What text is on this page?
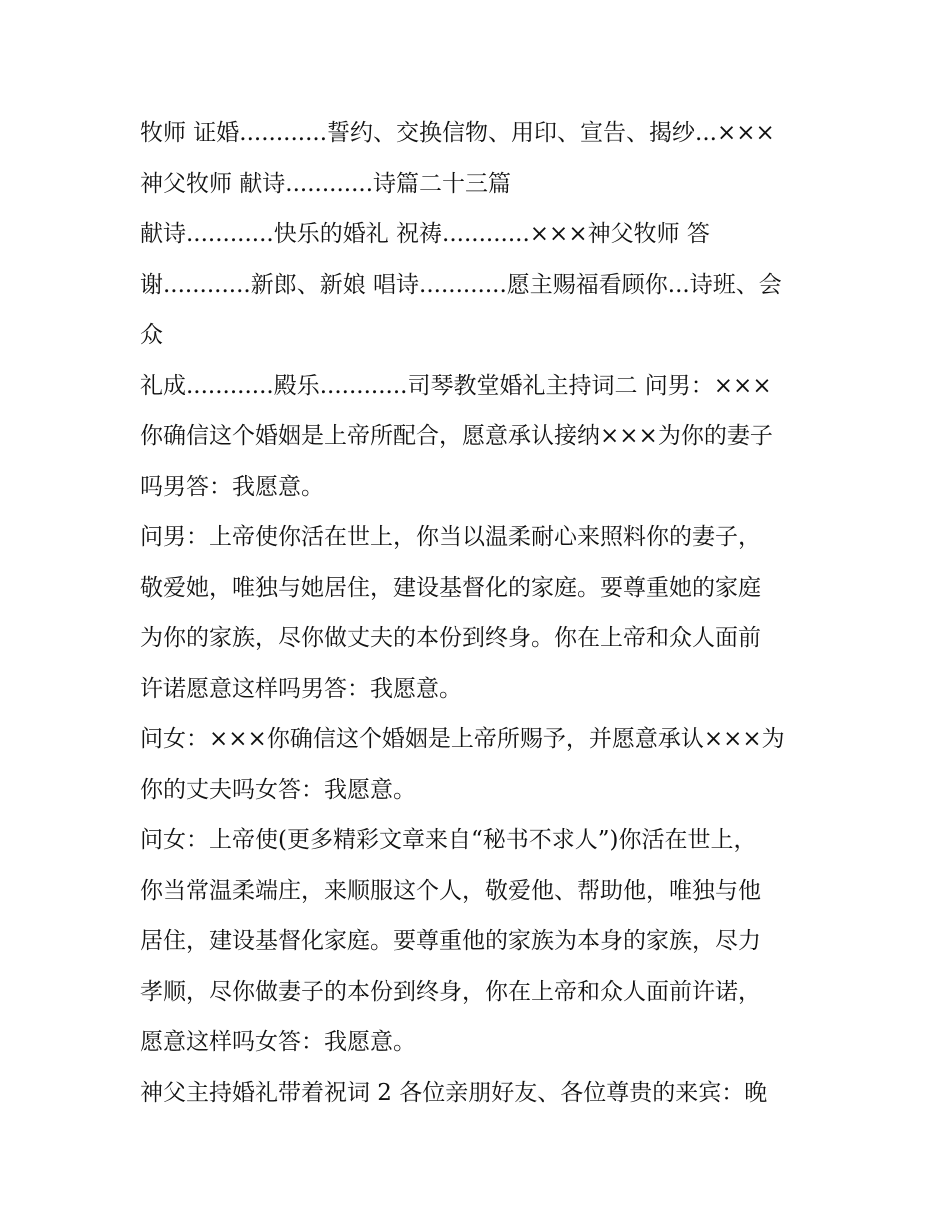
牧师 证婚............誓约、交换信物、用印、宣告、揭纱...×××
神父牧师 献诗............诗篇二十三篇
献诗............快乐的婚礼 祝祷............×××神父牧师 答
谢............新郎、新娘 唱诗............愿主赐福看顾你...诗班、会
众
礼成............殿乐............司琴教堂婚礼主持词二 问男：×××
你确信这个婚姻是上帝所配合，愿意承认接纳×××为你的妻子
吗男答：我愿意。
问男：上帝使你活在世上，你当以温柔耐心来照料你的妻子，
敬爱她，唯独与她居住，建设基督化的家庭。要尊重她的家庭
为你的家族，尽你做丈夫的本份到终身。你在上帝和众人面前
许诺愿意这样吗男答：我愿意。
问女：×××你确信这个婚姻是上帝所赐予，并愿意承认×××为
你的丈夫吗女答：我愿意。
问女：上帝使(更多精彩文章来自“秘书不求人”)你活在世上，
你当常温柔端庄，来顺服这个人，敬爱他、帮助他，唯独与他
居住，建设基督化家庭。要尊重他的家族为本身的家族，尽力
孝顺，尽你做妻子的本份到终身，你在上帝和众人面前许诺，
愿意这样吗女答：我愿意。
神父主持婚礼带着祝词 2 各位亲朋好友、各位尊贵的来宾：晚
